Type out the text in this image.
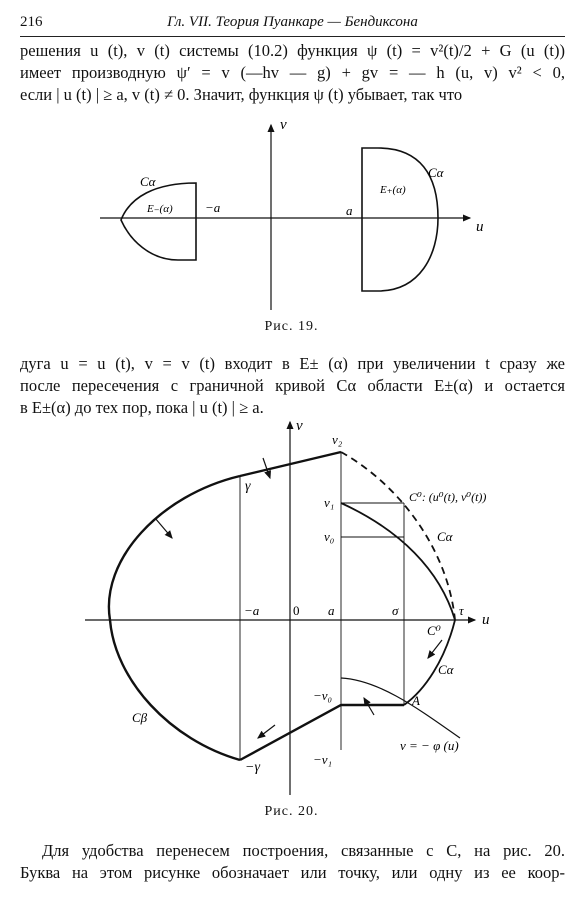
216	Гл. VII. Теория Пуанкаре — Бендиксона
решения u (t), v (t) системы (10.2) функция ψ (t) = v²(t)/2 + G (u (t))
имеет производную ψ′ = v (—hv — g) + gv = — h (u, v) v² < 0,
если | u (t) | ≥ a, v (t) ≠ 0. Значит, функция ψ (t) убывает, так что
u
v
Cα
E₋(α) −a
Cα
E₊(α)
a
Рис. 19.
дуга u = u (t), v = v (t) входит в E± (α) при увеличении t сразу же
после пересечения с граничной кривой Cα области E±(α) и остается
в E±(α) до тех пор, пока | u (t) | ≥ a.
u
v
v₂
v₁
v₀
−v₀
−v₁
γ
−γ
C⁰: (u⁰(t), v⁰(t))
Cα
C⁰
Cα
Cβ
A
τ
σ
−a	0 a
v = − φ (u)
Рис. 20.
Для удобства перенесем построения, связанные с C, на рис. 20.
Буква на этом рисунке обозначает или точку, или одну из ее коор-
